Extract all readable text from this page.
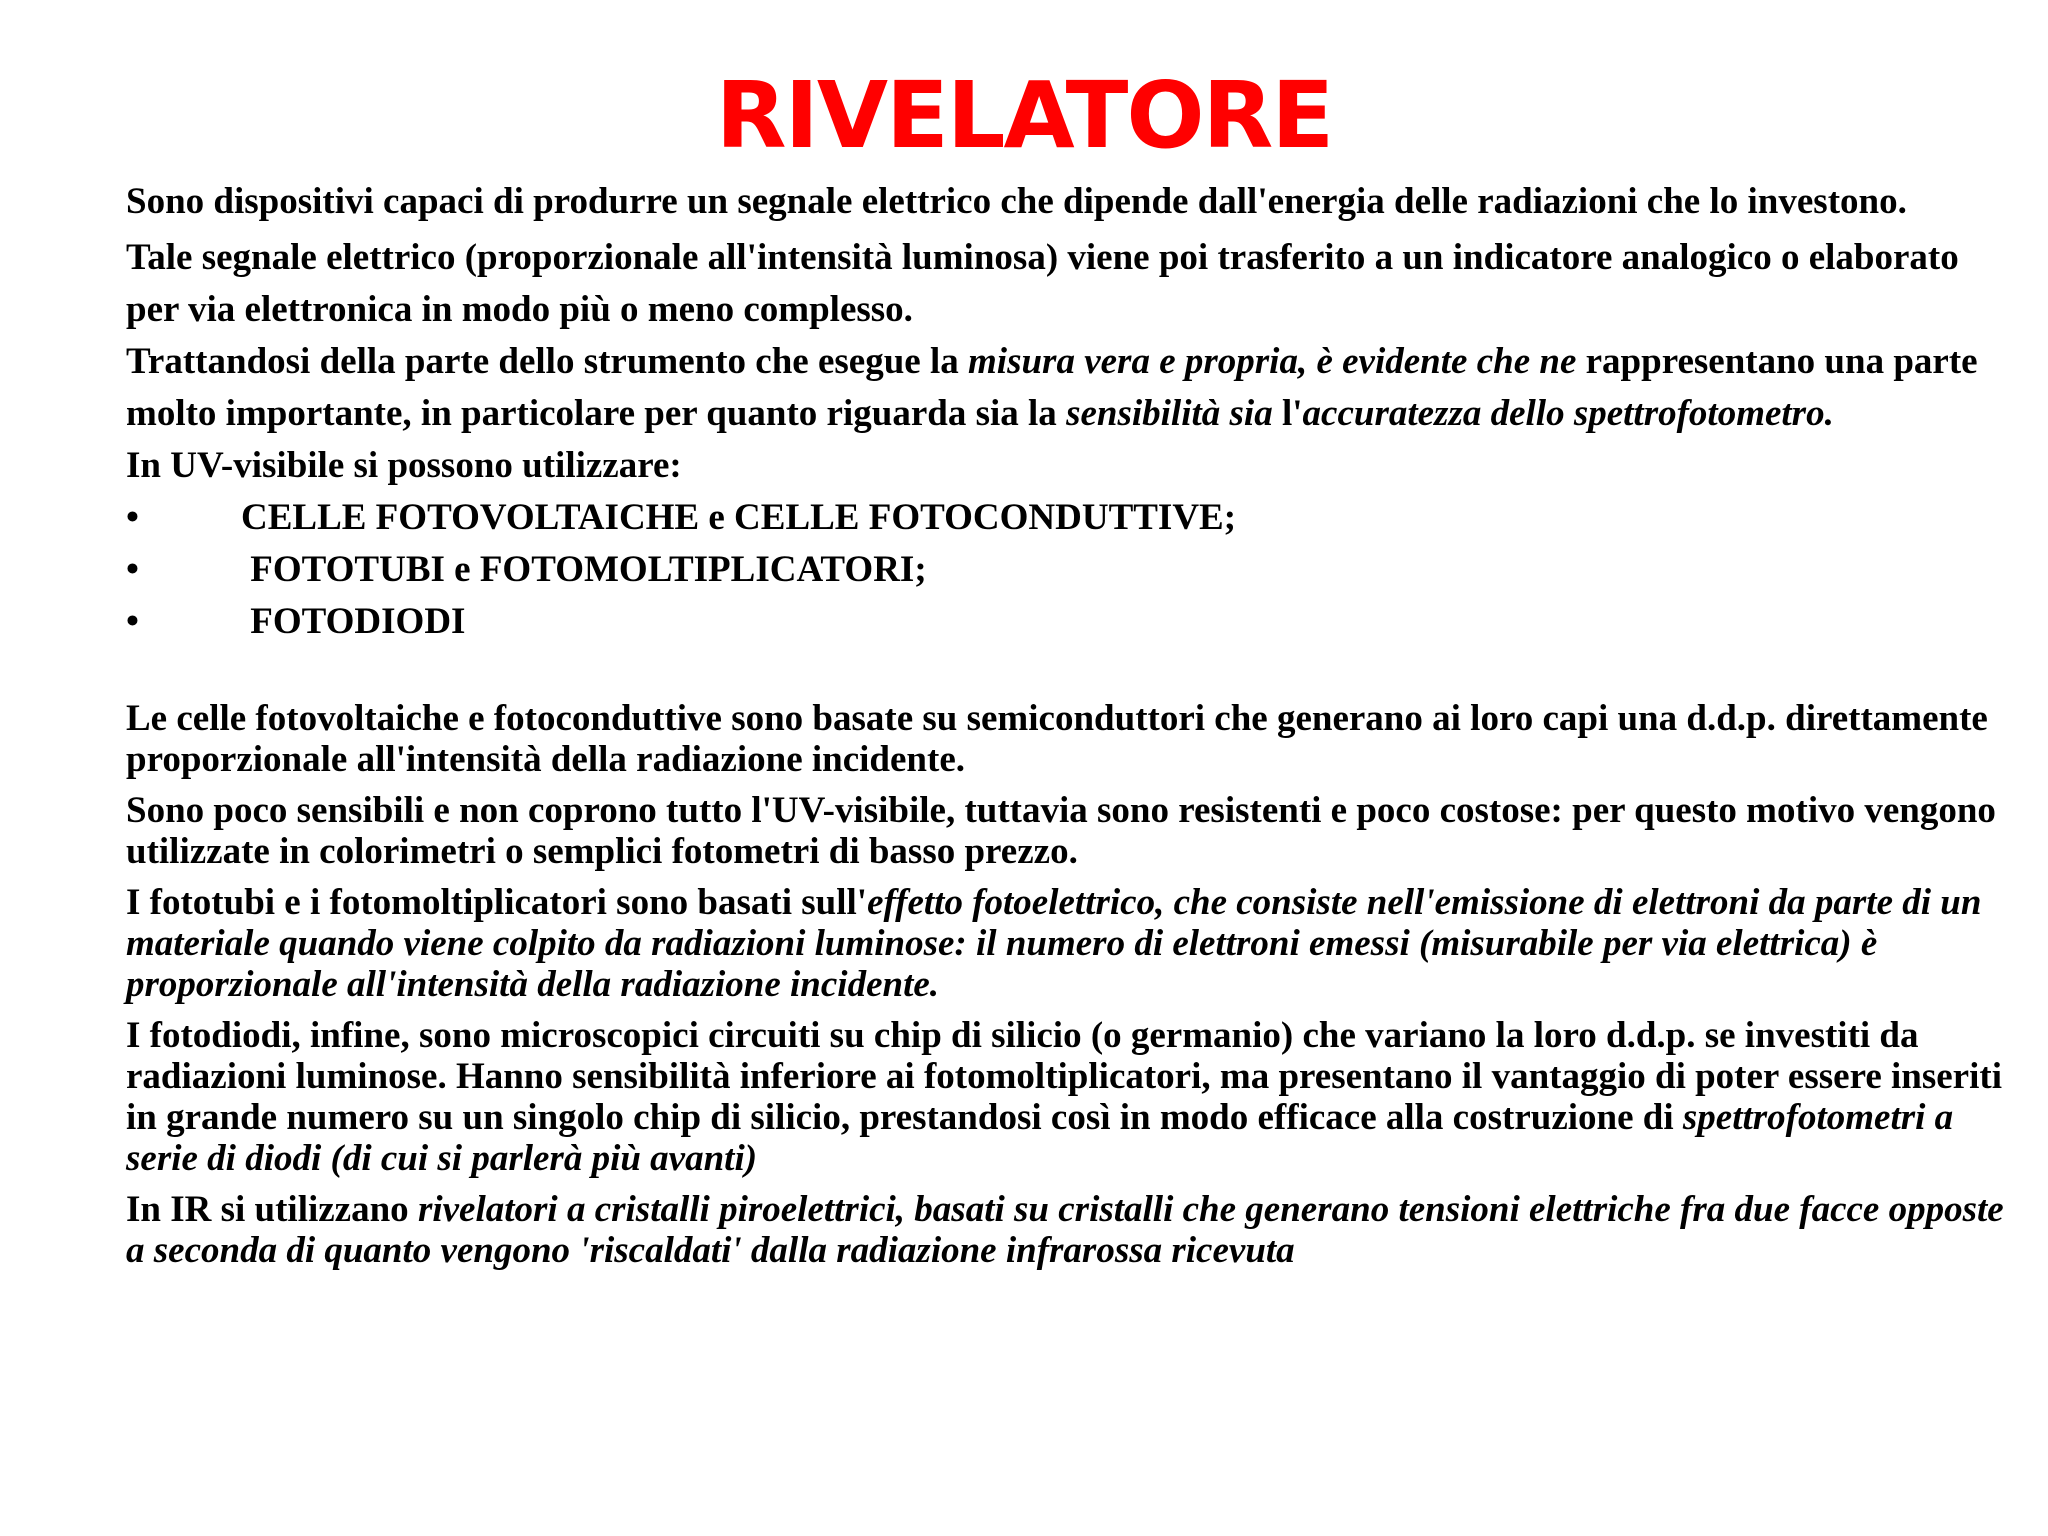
RIVELATORE

Sono dispositivi capaci di produrre un segnale elettrico che dipende dall'energia delle radiazioni che lo investono.

Tale segnale elettrico (proporzionale all'intensità luminosa) viene poi trasferito a un indicatore analogico o elaborato per via elettronica in modo più o meno complesso.

Trattandosi della parte dello strumento che esegue la misura vera e propria, è evidente che ne rappresentano una parte molto importante, in particolare per quanto riguarda sia la sensibilità sia l'accuratezza dello spettrofotometro.

In UV-visibile si possono utilizzare:

•	CELLE FOTOVOLTAICHE e CELLE FOTOCONDUTTIVE;
•	FOTOTUBI e FOTOMOLTIPLICATORI;
•	FOTODIODI

Le celle fotovoltaiche e fotoconduttive sono basate su semiconduttori che generano ai loro capi una d.d.p. direttamente proporzionale all'intensità della radiazione incidente.

Sono poco sensibili e non coprono tutto l'UV-visibile, tuttavia sono resistenti e poco costose: per questo motivo vengono utilizzate in colorimetri o semplici fotometri di basso prezzo.

I fototubi e i fotomoltiplicatori sono basati sull'effetto fotoelettrico, che consiste nell'emissione di elettroni da parte di un materiale quando viene colpito da radiazioni luminose: il numero di elettroni emessi (misurabile per via elettrica) è proporzionale all'intensità della radiazione incidente.

I fotodiodi, infine, sono microscopici circuiti su chip di silicio (o germanio) che variano la loro d.d.p. se investiti da radiazioni luminose. Hanno sensibilità inferiore ai fotomoltiplicatori, ma presentano il vantaggio di poter essere inseriti in grande numero su un singolo chip di silicio, prestandosi così in modo efficace alla costruzione di spettrofotometri a serie di diodi (di cui si parlerà più avanti)

In IR si utilizzano rivelatori a cristalli piroelettrici, basati su cristalli che generano tensioni elettriche fra due facce opposte a seconda di quanto vengono 'riscaldati' dalla radiazione infrarossa ricevuta
